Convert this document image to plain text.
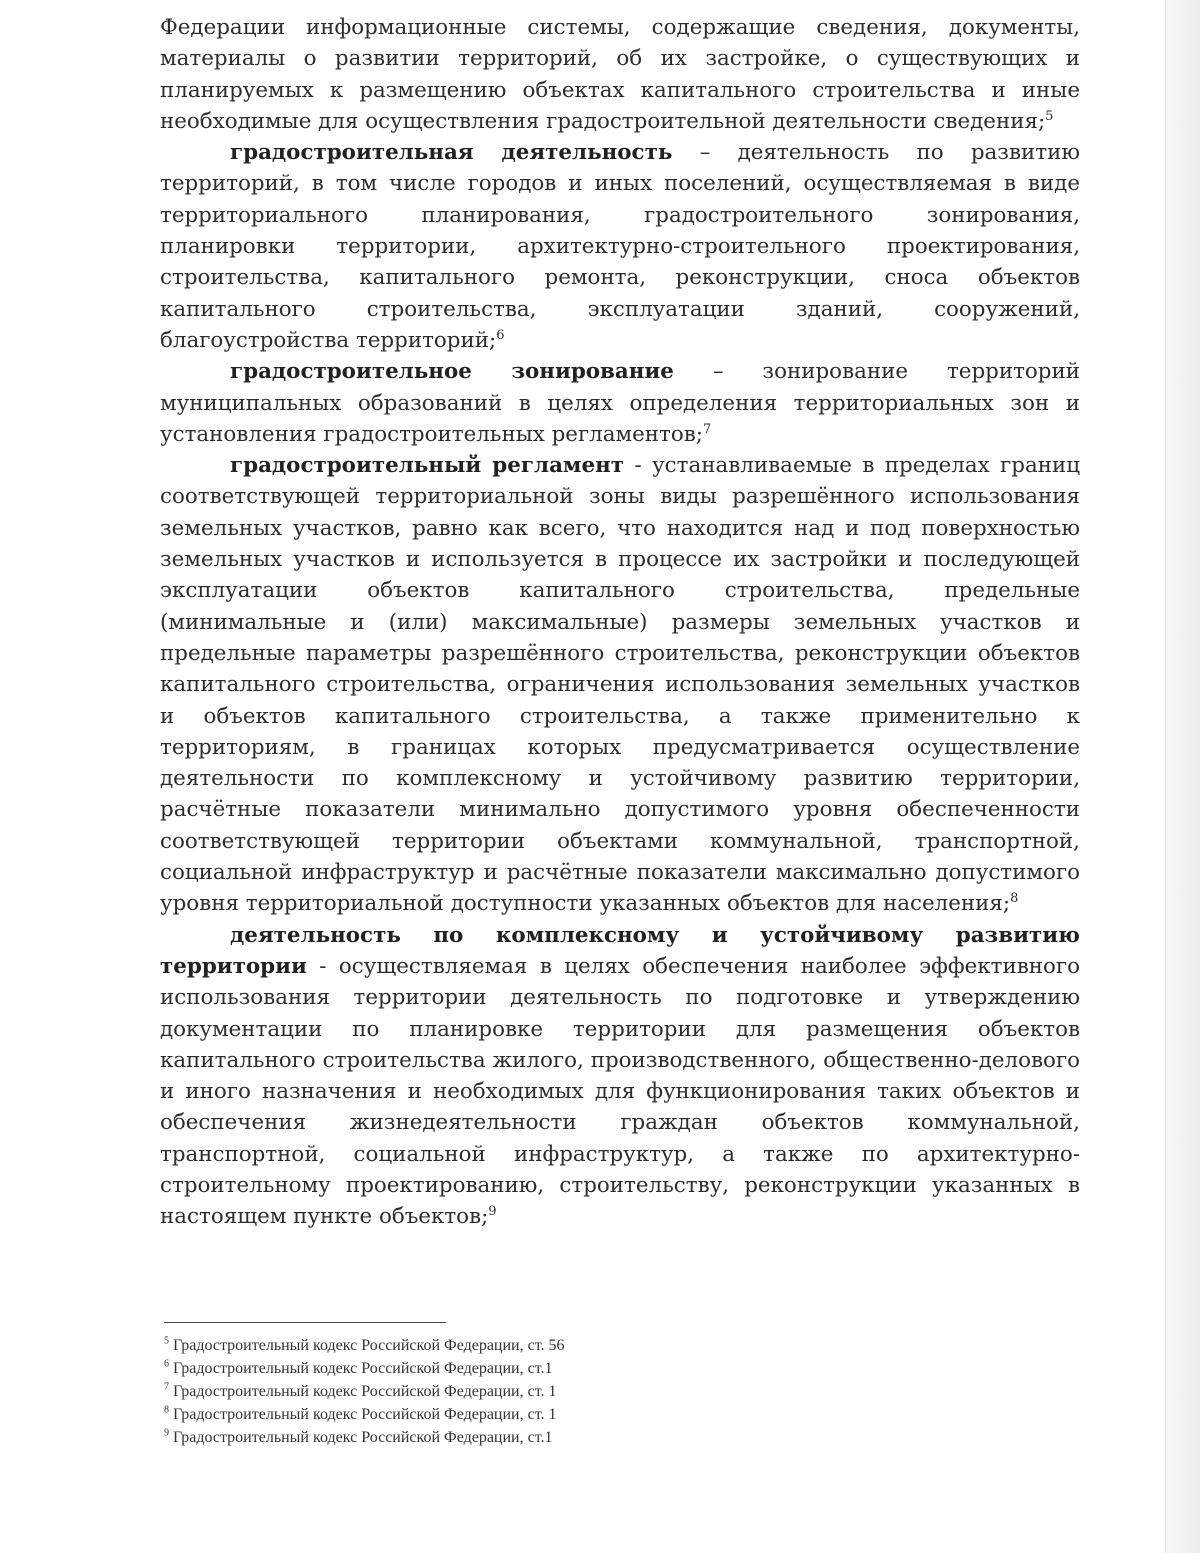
Федерации информационные системы, содержащие сведения, документы, материалы о развитии территорий, об их застройке, о существующих и планируемых к размещению объектах капитального строительства и иные необходимые для осуществления градостроительной деятельности сведения;$^5$

градостроительная деятельность – деятельность по развитию территорий, в том числе городов и иных поселений, осуществляемая в виде территориального планирования, градостроительного зонирования, планировки территории, архитектурно-строительного проектирования, строительства, капитального ремонта, реконструкции, сноса объектов капитального строительства, эксплуатации зданий, сооружений, благоустройства территорий;$^6$

градостроительное зонирование – зонирование территорий муниципальных образований в целях определения территориальных зон и установления градостроительных регламентов;$^7$

градостроительный регламент - устанавливаемые в пределах границ соответствующей территориальной зоны виды разрешённого использования земельных участков, равно как всего, что находится над и под поверхностью земельных участков и используется в процессе их застройки и последующей эксплуатации объектов капитального строительства, предельные (минимальные и (или) максимальные) размеры земельных участков и предельные параметры разрешённого строительства, реконструкции объектов капитального строительства, ограничения использования земельных участков и объектов капитального строительства, а также применительно к территориям, в границах которых предусматривается осуществление деятельности по комплексному и устойчивому развитию территории, расчётные показатели минимально допустимого уровня обеспеченности соответствующей территории объектами коммунальной, транспортной, социальной инфраструктур и расчётные показатели максимально допустимого уровня территориальной доступности указанных объектов для населения;$^8$

деятельность по комплексному и устойчивому развитию территории - осуществляемая в целях обеспечения наиболее эффективного использования территории деятельность по подготовке и утверждению документации по планировке территории для размещения объектов капитального строительства жилого, производственного, общественно-делового и иного назначения и необходимых для функционирования таких объектов и обеспечения жизнедеятельности граждан объектов коммунальной, транспортной, социальной инфраструктур, а также по архитектурно-строительному проектированию, строительству, реконструкции указанных в настоящем пункте объектов;$^9$

$^5$ Градостроительный кодекс Российской Федерации, ст. 56
$^6$ Градостроительный кодекс Российской Федерации, ст.1
$^7$ Градостроительный кодекс Российской Федерации, ст. 1
$^8$ Градостроительный кодекс Российской Федерации, ст. 1
$^9$ Градостроительный кодекс Российской Федерации, ст.1
